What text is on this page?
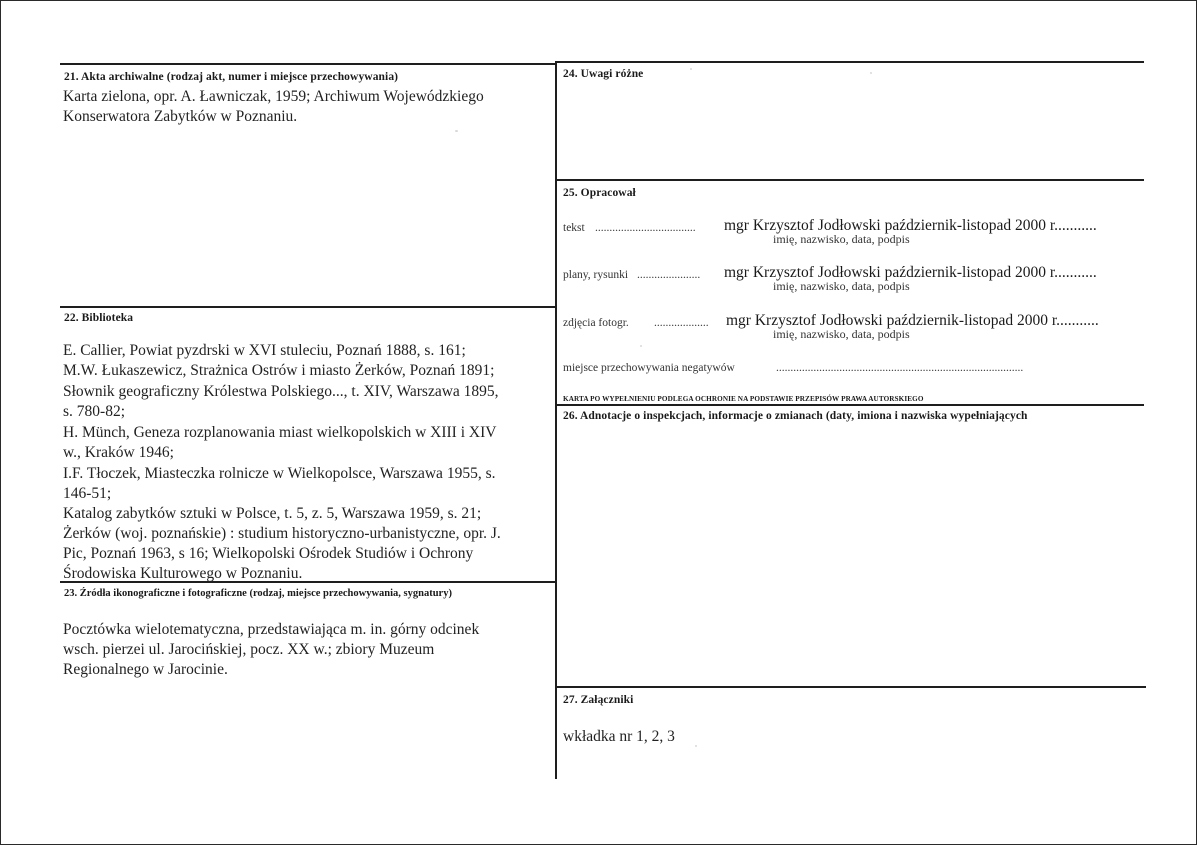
21. Akta archiwalne (rodzaj akt, numer i miejsce przechowywania)
Karta zielona, opr. A. Ławniczak, 1959; Archiwum Wojewódzkiego
Konserwatora Zabytków w Poznaniu.
22. Biblioteka
E. Callier, Powiat pyzdrski w XVI stuleciu, Poznań 1888, s. 161;
M.W. Łukaszewicz, Strażnica Ostrów i miasto Żerków, Poznań 1891;
Słownik geograficzny Królestwa Polskiego..., t. XIV, Warszawa 1895,
s. 780-82;
H. Münch, Geneza rozplanowania miast wielkopolskich w XIII i XIV
w., Kraków 1946;
I.F. Tłoczek, Miasteczka rolnicze w Wielkopolsce, Warszawa 1955, s.
146-51;
Katalog zabytków sztuki w Polsce, t. 5, z. 5, Warszawa 1959, s. 21;
Żerków (woj. poznańskie) : studium historyczno-urbanistyczne, opr. J.
Pic, Poznań 1963, s 16; Wielkopolski Ośrodek Studiów i Ochrony
Środowiska Kulturowego w Poznaniu.
23. Źródła ikonograficzne i fotograficzne (rodzaj, miejsce przechowywania, sygnatury)
Pocztówka wielotematyczna, przedstawiająca m. in. górny odcinek
wsch. pierzei ul. Jarocińskiej, pocz. XX w.; zbiory Muzeum
Regionalnego w Jarocinie.
24. Uwagi różne
25. Opracował
tekst ................................... mgr Krzysztof Jodłowski październik-listopad 2000 r...........
imię, nazwisko, data, podpis
plany, rysunki ...................... mgr Krzysztof Jodłowski październik-listopad 2000 r...........
imię, nazwisko, data, podpis
zdjęcia fotogr. ................... mgr Krzysztof Jodłowski październik-listopad 2000 r...........
imię, nazwisko, data, podpis
miejsce przechowywania negatywów	......................................................................................
KARTA PO WYPEŁNIENIU PODLEGA OCHRONIE NA PODSTAWIE PRZEPISÓW PRAWA AUTORSKIEGO
26. Adnotacje o inspekcjach, informacje o zmianach (daty, imiona i nazwiska wypełniających
27. Załączniki
wkładka nr 1, 2, 3
